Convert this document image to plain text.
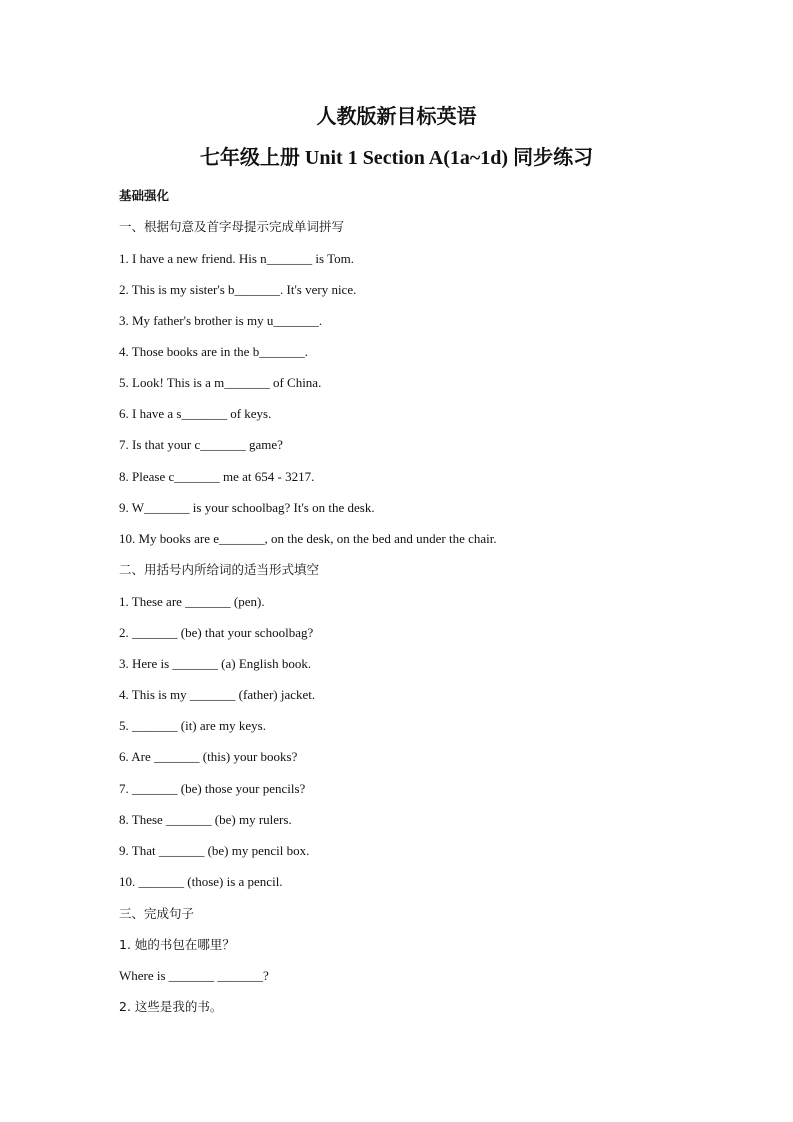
人教版新目标英语
七年级上册 Unit 1 Section A(1a~1d) 同步练习
基础强化
一、根据句意及首字母提示完成单词拼写
1. I have a new friend. His n_______ is Tom.
2. This is my sister's b_______. It's very nice.
3. My father's brother is my u_______.
4. Those books are in the b_______.
5. Look! This is a m_______ of China.
6. I have a s_______ of keys.
7. Is that your c_______ game?
8. Please c_______ me at 654 - 3217.
9. W_______ is your schoolbag? It's on the desk.
10. My books are e_______, on the desk, on the bed and under the chair.
二、用括号内所给词的适当形式填空
1. These are _______ (pen).
2. _______ (be) that your schoolbag?
3. Here is _______ (a) English book.
4. This is my _______ (father) jacket.
5. _______ (it) are my keys.
6. Are _______ (this) your books?
7. _______ (be) those your pencils?
8. These _______ (be) my rulers.
9. That _______ (be) my pencil box.
10. _______ (those) is a pencil.
三、完成句子
1. 她的书包在哪里？
Where is _______ _______?
2. 这些是我的书。
